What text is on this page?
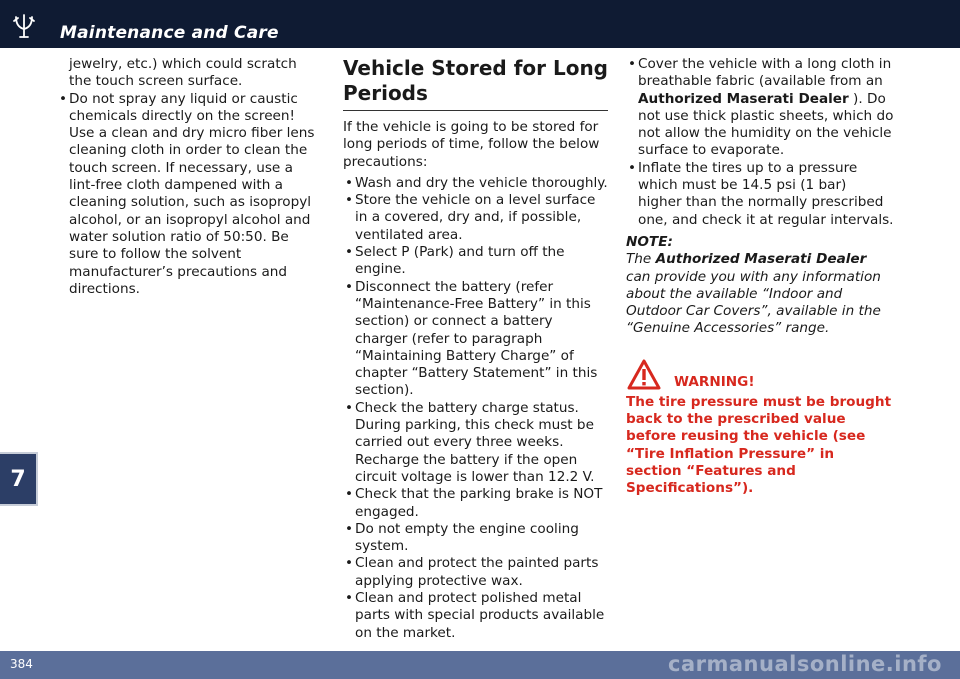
Maintenance and Care
7

jewelry, etc.) which could scratch the touch screen surface.

• Do not spray any liquid or caustic chemicals directly on the screen!

Use a clean and dry micro fiber lens cleaning cloth in order to clean the touch screen. If necessary, use a lint-free cloth dampened with a cleaning solution, such as isopropyl alcohol, or an isopropyl alcohol and water solution ratio of 50:50. Be sure to follow the solvent manufacturer’s precautions and directions.

Vehicle Stored for Long Periods

If the vehicle is going to be stored for long periods of time, follow the below precautions:

• Wash and dry the vehicle thoroughly.
• Store the vehicle on a level surface in a covered, dry and, if possible, ventilated area.
• Select P (Park) and turn off the engine.
• Disconnect the battery (refer “Maintenance-Free Battery” in this section) or connect a battery charger (refer to paragraph “Maintaining Battery Charge” of chapter “Battery Statement” in this section).
• Check the battery charge status. During parking, this check must be carried out every three weeks. Recharge the battery if the open circuit voltage is lower than 12.2 V.
• Check that the parking brake is NOT engaged.
• Do not empty the engine cooling system.
• Clean and protect the painted parts applying protective wax.
• Clean and protect polished metal parts with special products available on the market.
• Cover the vehicle with a long cloth in breathable fabric (available from an Authorized Maserati Dealer ). Do not use thick plastic sheets, which do not allow the humidity on the vehicle surface to evaporate.
• Inflate the tires up to a pressure which must be 14.5 psi (1 bar) higher than the normally prescribed one, and check it at regular intervals.

NOTE:

The Authorized Maserati Dealer can provide you with any information about the available “Indoor and Outdoor Car Covers”, available in the “Genuine Accessories” range.

WARNING!

The tire pressure must be brought back to the prescribed value before reusing the vehicle (see “Tire Inflation Pressure” in section “Features and Specifications”).

384	carmanualsonline.info
